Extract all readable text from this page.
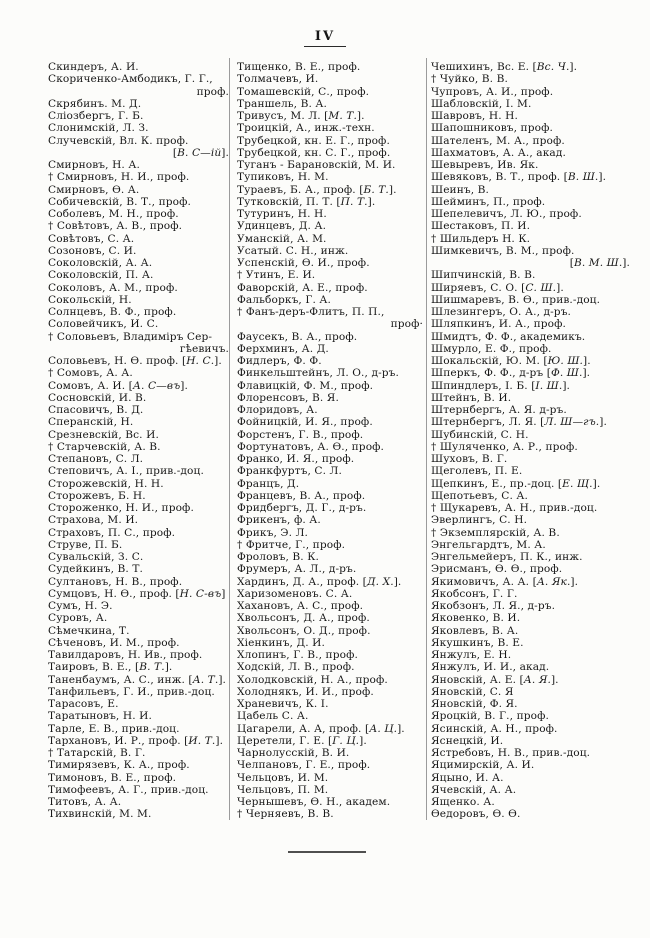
IV
Скиндеръ, А. И.
Скориченко-Амбодикъ, Г. Г.,
проф.
Скрябинъ. М. Д.
Сліозбергъ, Г. Б.
Слонимскій, Л. З.
Случевскій, Вл. К. проф.
[В. С—ій].
Смирновъ, Н. А.
† Смирновъ, Н. И., проф.
Смирновъ, Ѳ. А.
Собичевскій, В. Т., проф.
Соболевъ, М. Н., проф.
† Совѣтовъ, А. В., проф.
Совѣтовъ, С. А.
Созоновъ, С. И.
Соколовскій, А. А.
Соколовскій, П. А.
Соколовъ, А. М., проф.
Сокольскій, Н.
Солнцевъ, В. Ф., проф.
Соловейчикъ, И. С.
† Соловьевъ, Владиміръ Сер-
гѣевичъ.
Соловьевъ, Н. Ѳ. проф. [Н. С.].
† Сомовъ, А. А.
Сомовъ, А. И. [А. С—въ].
Сосновскій, И. В.
Спасовичъ, В. Д.
Сперанскій, Н.
Срезневскій, Вс. И.
† Старчевскій, А. В.
Степановъ, С. Л.
Степовичъ, А. І., прив.-доц.
Сторожевскій, Н. Н.
Сторожевъ, Б. Н.
Стороженко, Н. И., проф.
Страхова, М. И.
Страховъ, П. С., проф.
Струве, П. Б.
Сувальскій, З. С.
Судейкинъ, В. Т.
Султановъ, Н. В., проф.
Сумцовъ, Н. Ѳ., проф. [Н. С-въ]
Сумъ, Н. Э.
Суровъ, А.
Сѣмечкина, Т.
Сѣченовъ, И. М., проф.
Тавилдаровъ, Н. Ив., проф.
Таировъ, В. Е., [В. Т.].
Таненбаумъ, А. С., инж. [А. Т.].
Танфильевъ, Г. И., прив.-доц.
Тарасовъ, Е.
Таратыновъ, Н. И.
Тарле, Е. В., прив.-доц.
Тархановъ, И. Р., проф. [И. Т.].
† Татарскій, В. Г.
Тимирязевъ, К. А., проф.
Тимоновъ, В. Е., проф.
Тимофеевъ, А. Г., прив.-доц.
Титовъ, А. А.
Тихвинскій, М. М.
Тищенко, В. Е., проф.
Толмачевъ, И.
Томашевскій, С., проф.
Траншель, В. А.
Тривусъ, М. Л. [М. Т.].
Троицкій, А., инж.-техн.
Трубецкой, кн. Е. Г., проф.
Трубецкой, кн. С. Г., проф.
Туганъ - Барановскій, М. И.
Тупиковъ, Н. М.
Тураевъ, Б. А., проф. [Б. Т.].
Тутковскій, П. Т. [П. Т.].
Тутуринъ, Н. Н.
Удинцевъ, Д. А.
Уманскій, А. М.
Усатый. С. Н., инж.
Успенскій, Ѳ. И., проф.
† Утинъ, Е. И.
Фаворскій, А. Е., проф.
Фальборкъ, Г. А.
† Фанъ-деръ-Флитъ, П. П.,
проф·
Фаусекъ, В. А., проф.
Ферхминъ, А. Д.
Фидлеръ, Ф. Ф.
Финкельштейнъ, Л. О., д-ръ.
Флавицкій, Ф. М., проф.
Флоренсовъ, В. Я.
Флоридовъ, А.
Фойницкій, И. Я., проф.
Форстенъ, Г. В., проф.
Фортунатовъ, А. Ѳ., проф.
Франко, И. Я., проф.
Франкфуртъ, С. Л.
Францъ, Д.
Францевъ, В. А., проф.
Фридбергъ, Д. Г., д-ръ.
Фрикенъ, ф. А.
Фрикъ, Э. Л.
† Фритче, Г., проф.
Фроловъ, В. К.
Фрумеръ, А. Л., д-ръ.
Хардинъ, Д. А., проф. [Д. Х.].
Харизоменовъ. С. А.
Хахановъ, А. С., проф.
Хвольсонъ, Д. А., проф.
Хвольсонъ, О. Д., проф.
Хіенкинъ, Д. И.
Хлопинъ, Г. В., проф.
Ходскій, Л. В., проф.
Холодковскій, Н. А., проф.
Холоднякъ, И. И., проф.
Храневичъ, К. І.
Цабель С. А.
Цагарели, А. А, проф. [А. Ц.].
Церетели, Г. Е. [Г. Ц.].
Чарнолусскій, В. И.
Челпановъ, Г. Е., проф.
Чельцовъ, И. М.
Чельцовъ, П. М.
Чернышевъ, Ѳ. Н., академ.
† Черняевъ, В. В.
Чешихинъ, Вс. Е. [Вс. Ч.].
† Чуйко, В. В.
Чупровъ, А. И., проф.
Шабловскій, І. М.
Шавровъ, Н. Н.
Шапошниковъ, проф.
Шателенъ, М. А., проф.
Шахматовъ, А. А., акад.
Шевыревъ, Ив. Як.
Шевяковъ, В. Т., проф. [В. Ш.].
Шеинъ, В.
Шейминъ, П., проф.
Шепелевичъ, Л. Ю., проф.
Шестаковъ, П. И.
† Шильдеръ Н. К.
Шимкевичъ, В. М., проф.
[В. М. Ш.].
Шипчинскій, В. В.
Ширяевъ, С. О. [С. Ш.].
Шишмаревъ, В. Ѳ., прив.-доц.
Шлезингеръ, О. А., д-ръ.
Шляпкинъ, И. А., проф.
Шмидтъ, Ф. Ф., академикъ.
Шмурло, Е. Ф., проф.
Шокальскій, Ю. М. [Ю. Ш.].
Шперкъ, Ф. Ф., д-ръ [Ф. Ш.].
Шпиндлеръ, І. Б. [І. Ш.].
Штейнъ, В. И.
Штернбергъ, А. Я. д-ръ.
Штернбергъ, Л. Я. [Л. Ш—гъ.].
Шубинскій, С. Н.
† Шуляченко, А. Р., проф.
Шуховъ, В. Г.
Щеголевъ, П. Е.
Щепкинъ, Е., пр.-доц. [Е. Щ.].
Щепотьевъ, С. А.
† Щукаревъ, А. Н., прив.-доц.
Эверлингъ, С. Н.
† Экземплярскій, А. В.
Энгельгардтъ, М. А.
Энгельмейеръ, П. К., инж.
Эрисманъ, Ѳ. Ѳ., проф.
Якимовичъ, А. А. [А. Як.].
Якобсонъ, Г. Г.
Якобзонъ, Л. Я., д-ръ.
Яковенко, В. И.
Яковлевъ, В. А.
Якушкинъ, В. Е.
Янжулъ, Е. Н.
Янжулъ, И. И., акад.
Яновскій, А. Е. [А. Я.].
Яновскій, С. Я
Яновскій, Ф. Я.
Яроцкій, В. Г., проф.
Ясинскій, А. Н., проф.
Яснецкій, И.
Ястребовъ, Н. В., прив.-доц.
Яцимирскій, А. И.
Яцыно, И. А.
Ячевскій, А. А.
Ященко. А.
Ѳедоровъ, Ѳ. Ѳ.
